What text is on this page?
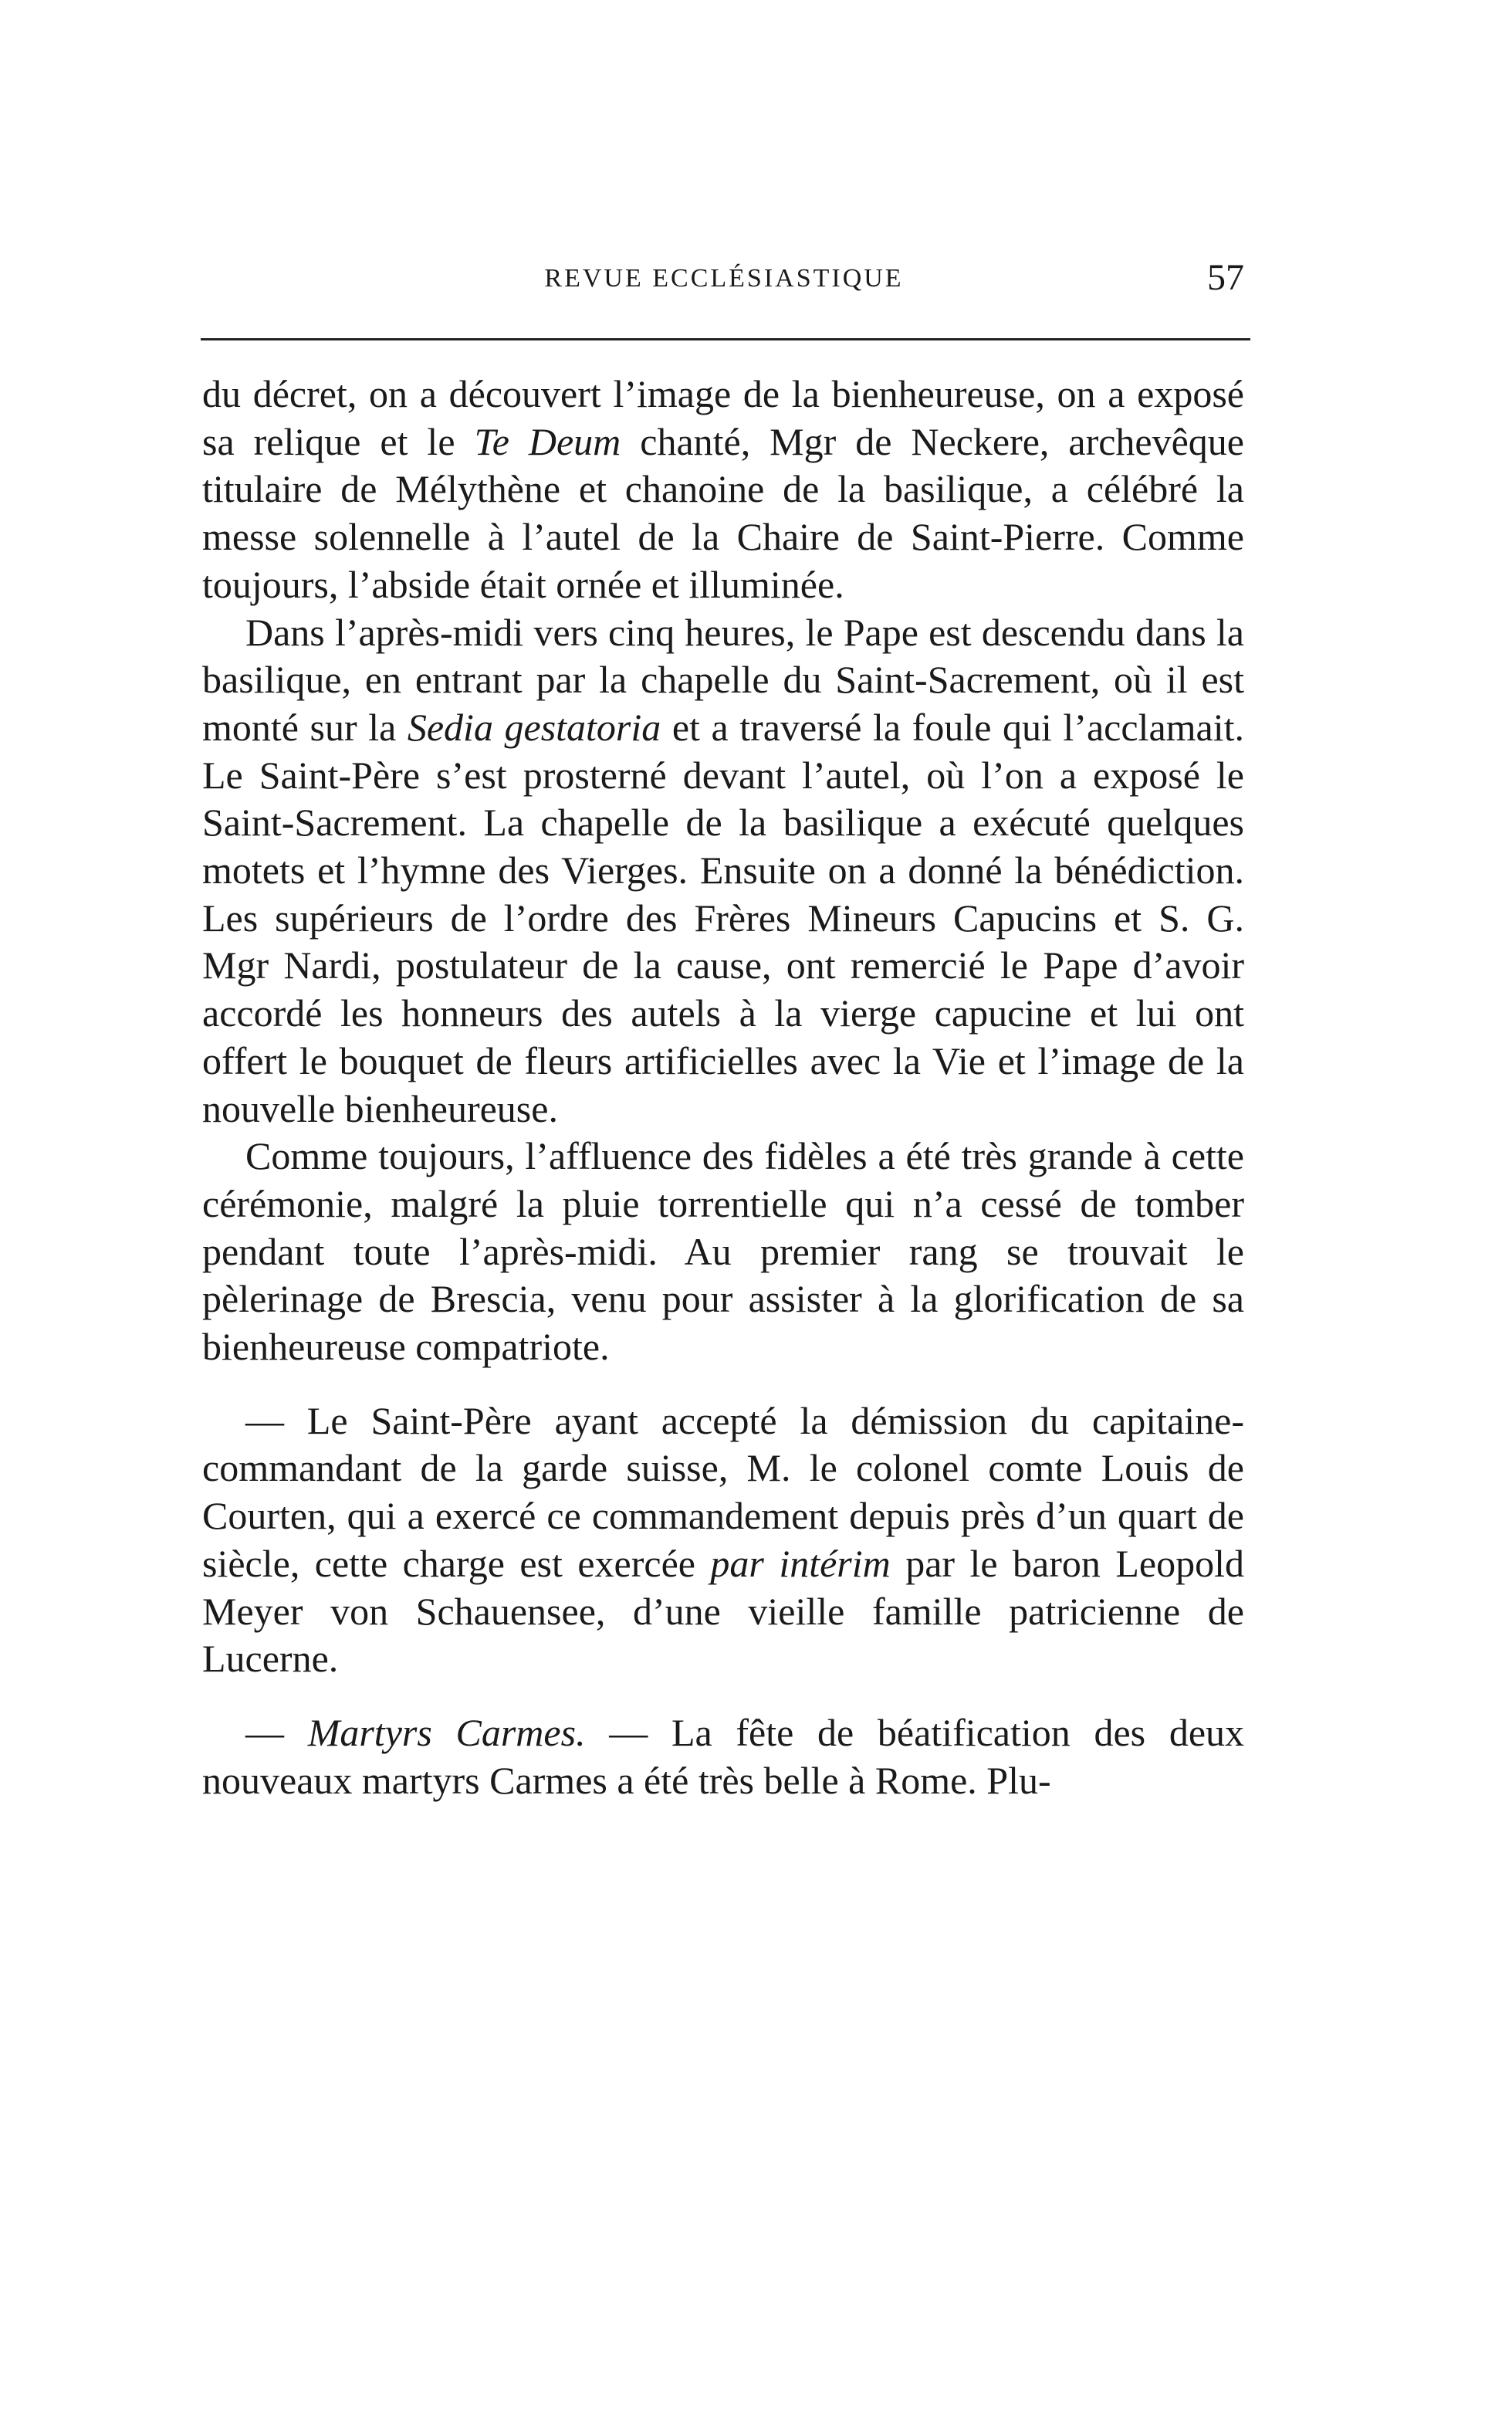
REVUE ECCLÉSIASTIQUE	57

du décret, on a découvert l’image de la bienheureuse, on a exposé sa relique et le Te Deum chanté, Mgr de Neckere, archevêque titulaire de Mélythène et chanoine de la basilique, a célébré la messe solennelle à l’autel de la Chaire de Saint-Pierre. Comme toujours, l’abside était ornée et illuminée.

Dans l’après-midi vers cinq heures, le Pape est descendu dans la basilique, en entrant par la chapelle du Saint-Sacrement, où il est monté sur la Sedia gestatoria et a traversé la foule qui l’acclamait. Le Saint-Père s’est prosterné devant l’autel, où l’on a exposé le Saint-Sacrement. La chapelle de la basilique a exécuté quelques motets et l’hymne des Vierges. Ensuite on a donné la bénédiction. Les supérieurs de l’ordre des Frères Mineurs Capucins et S. G. Mgr Nardi, postulateur de la cause, ont remercié le Pape d’avoir accordé les honneurs des autels à la vierge capucine et lui ont offert le bouquet de fleurs artificielles avec la Vie et l’image de la nouvelle bienheureuse.

Comme toujours, l’affluence des fidèles a été très grande à cette cérémonie, malgré la pluie torrentielle qui n’a cessé de tomber pendant toute l’après-midi. Au premier rang se trouvait le pèlerinage de Brescia, venu pour assister à la glorification de sa bienheureuse compatriote.

— Le Saint-Père ayant accepté la démission du capitaine-commandant de la garde suisse, M. le colonel comte Louis de Courten, qui a exercé ce commandement depuis près d’un quart de siècle, cette charge est exercée par intérim par le baron Leopold Meyer von Schauensee, d’une vieille famille patricienne de Lucerne.

— Martyrs Carmes. — La fête de béatification des deux nouveaux martyrs Carmes a été très belle à Rome. Plu-
